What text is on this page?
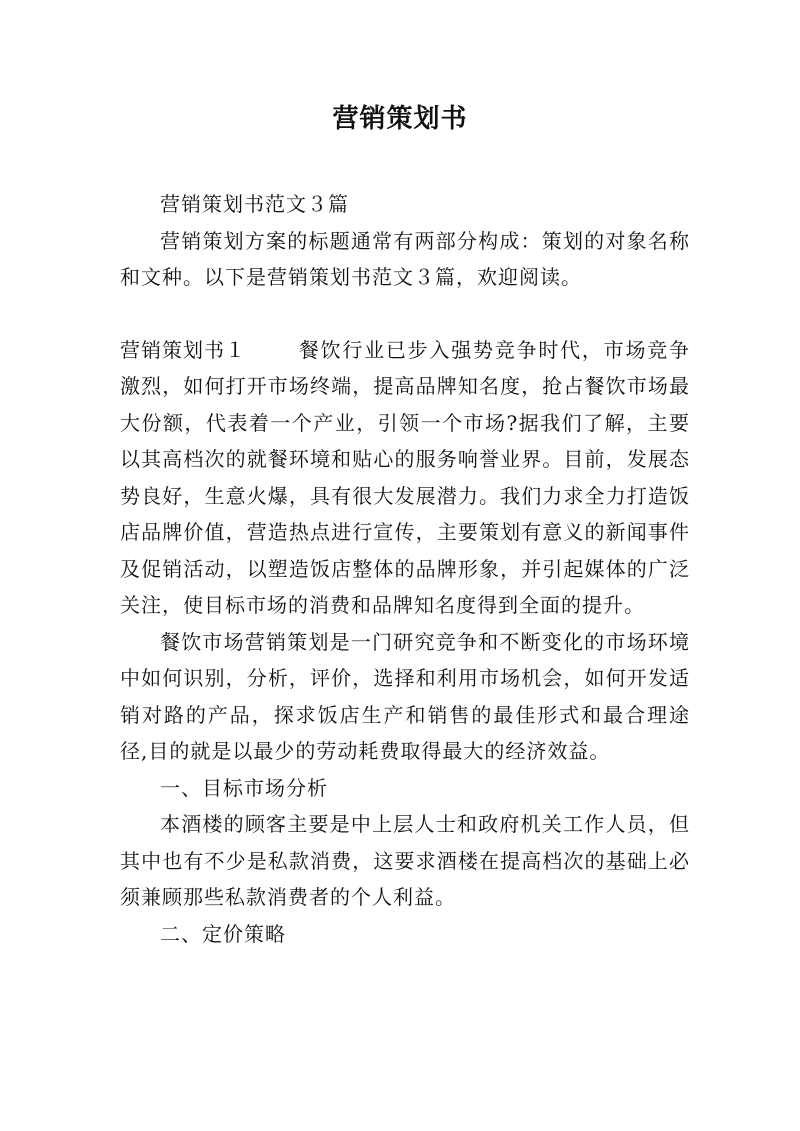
营销策划书

营销策划书范文３篇

营销策划方案的标题通常有两部分构成：策划的对象名称和文种。以下是营销策划书范文３篇，欢迎阅读。

营销策划书１	餐饮行业已步入强势竞争时代，市场竞争激烈，如何打开市场终端，提高品牌知名度，抢占餐饮市场最大份额，代表着一个产业，引领一个市场?据我们了解，主要以其高档次的就餐环境和贴心的服务响誉业界。目前，发展态势良好，生意火爆，具有很大发展潜力。我们力求全力打造饭店品牌价值，营造热点进行宣传，主要策划有意义的新闻事件及促销活动，以塑造饭店整体的品牌形象，并引起媒体的广泛关注，使目标市场的消费和品牌知名度得到全面的提升。

餐饮市场营销策划是一门研究竞争和不断变化的市场环境中如何识别，分析，评价，选择和利用市场机会，如何开发适销对路的产品，探求饭店生产和销售的最佳形式和最合理途径,目的就是以最少的劳动耗费取得最大的经济效益。

一、目标市场分析

本酒楼的顾客主要是中上层人士和政府机关工作人员，但其中也有不少是私款消费，这要求酒楼在提高档次的基础上必须兼顾那些私款消费者的个人利益。

二、定价策略
